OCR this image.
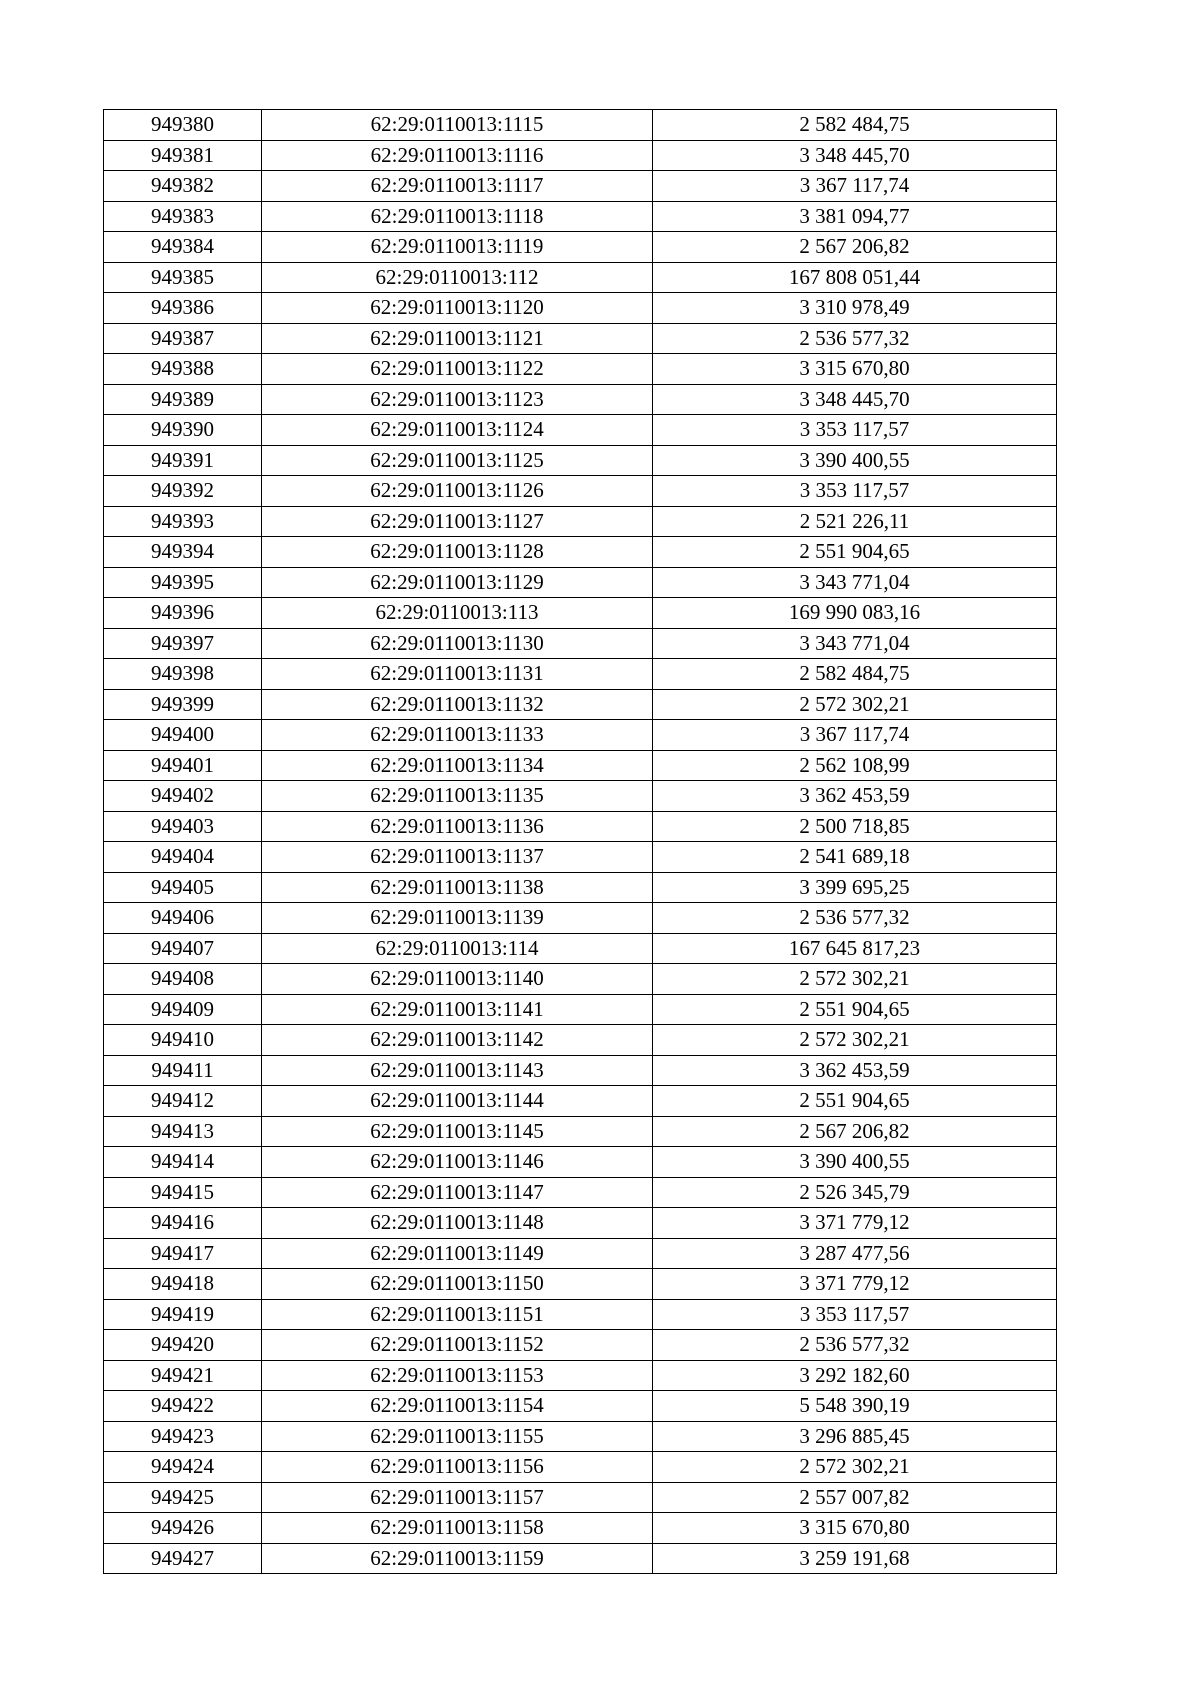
949380	62:29:0110013:1115	2 582 484,75
949381	62:29:0110013:1116	3 348 445,70
949382	62:29:0110013:1117	3 367 117,74
949383	62:29:0110013:1118	3 381 094,77
949384	62:29:0110013:1119	2 567 206,82
949385	62:29:0110013:112	167 808 051,44
949386	62:29:0110013:1120	3 310 978,49
949387	62:29:0110013:1121	2 536 577,32
949388	62:29:0110013:1122	3 315 670,80
949389	62:29:0110013:1123	3 348 445,70
949390	62:29:0110013:1124	3 353 117,57
949391	62:29:0110013:1125	3 390 400,55
949392	62:29:0110013:1126	3 353 117,57
949393	62:29:0110013:1127	2 521 226,11
949394	62:29:0110013:1128	2 551 904,65
949395	62:29:0110013:1129	3 343 771,04
949396	62:29:0110013:113	169 990 083,16
949397	62:29:0110013:1130	3 343 771,04
949398	62:29:0110013:1131	2 582 484,75
949399	62:29:0110013:1132	2 572 302,21
949400	62:29:0110013:1133	3 367 117,74
949401	62:29:0110013:1134	2 562 108,99
949402	62:29:0110013:1135	3 362 453,59
949403	62:29:0110013:1136	2 500 718,85
949404	62:29:0110013:1137	2 541 689,18
949405	62:29:0110013:1138	3 399 695,25
949406	62:29:0110013:1139	2 536 577,32
949407	62:29:0110013:114	167 645 817,23
949408	62:29:0110013:1140	2 572 302,21
949409	62:29:0110013:1141	2 551 904,65
949410	62:29:0110013:1142	2 572 302,21
949411	62:29:0110013:1143	3 362 453,59
949412	62:29:0110013:1144	2 551 904,65
949413	62:29:0110013:1145	2 567 206,82
949414	62:29:0110013:1146	3 390 400,55
949415	62:29:0110013:1147	2 526 345,79
949416	62:29:0110013:1148	3 371 779,12
949417	62:29:0110013:1149	3 287 477,56
949418	62:29:0110013:1150	3 371 779,12
949419	62:29:0110013:1151	3 353 117,57
949420	62:29:0110013:1152	2 536 577,32
949421	62:29:0110013:1153	3 292 182,60
949422	62:29:0110013:1154	5 548 390,19
949423	62:29:0110013:1155	3 296 885,45
949424	62:29:0110013:1156	2 572 302,21
949425	62:29:0110013:1157	2 557 007,82
949426	62:29:0110013:1158	3 315 670,80
949427	62:29:0110013:1159	3 259 191,68
